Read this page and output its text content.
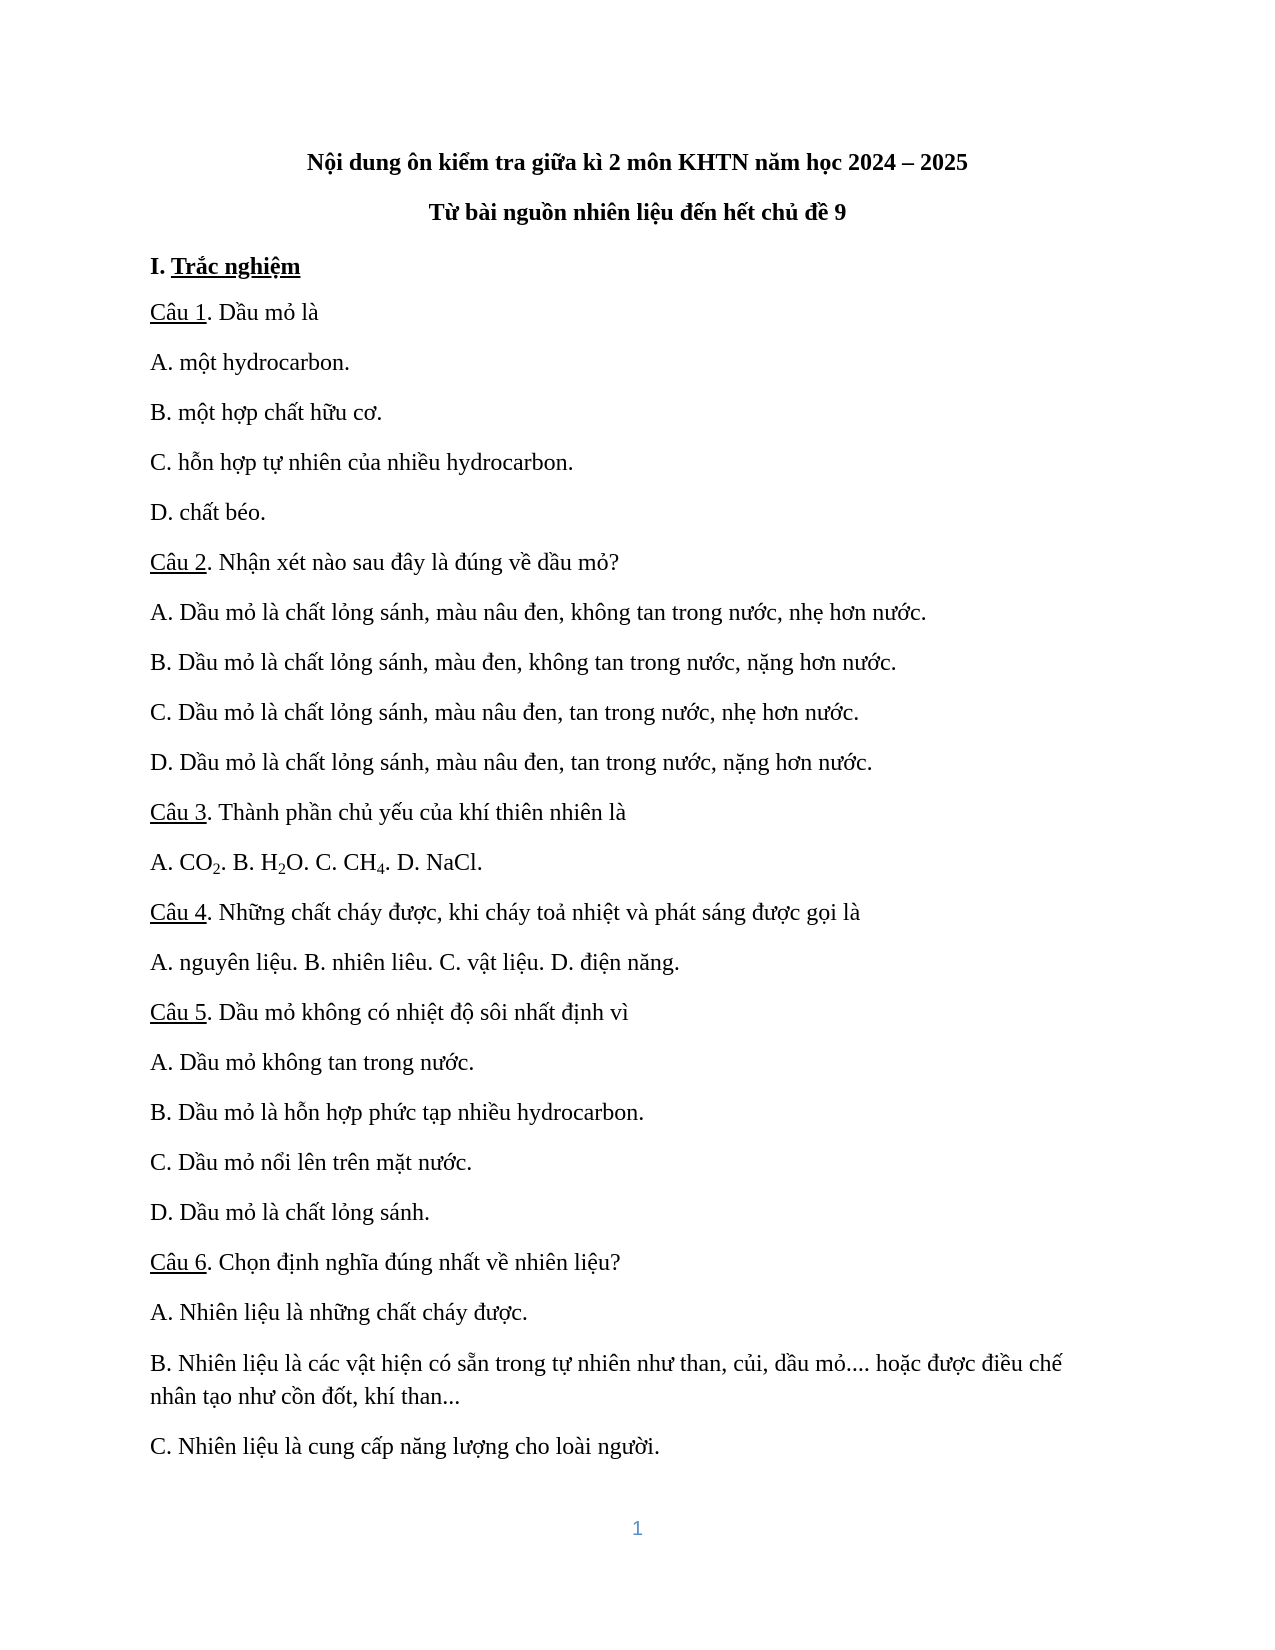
Nội dung ôn kiểm tra giữa kì 2 môn KHTN năm học 2024 – 2025
Từ bài nguồn nhiên liệu đến hết chủ đề 9
I. Trắc nghiệm
Câu 1. Dầu mỏ là
A. một hydrocarbon.
B. một hợp chất hữu cơ.
C. hỗn hợp tự nhiên của nhiều hydrocarbon.
D. chất béo.
Câu 2. Nhận xét nào sau đây là đúng về dầu mỏ?
A. Dầu mỏ là chất lỏng sánh, màu nâu đen, không tan trong nước, nhẹ hơn nước.
B. Dầu mỏ là chất lỏng sánh, màu đen, không tan trong nước, nặng hơn nước.
C. Dầu mỏ là chất lỏng sánh, màu nâu đen, tan trong nước, nhẹ hơn nước.
D. Dầu mỏ là chất lỏng sánh, màu nâu đen, tan trong nước, nặng hơn nước.
Câu 3. Thành phần chủ yếu của khí thiên nhiên là
A. $CO_2$. B. $H_2O$. C. $CH_4$. D. NaCl.
Câu 4. Những chất cháy được, khi cháy toả nhiệt và phát sáng được gọi là
A. nguyên liệu. B. nhiên liêu. C. vật liệu. D. điện năng.
Câu 5. Dầu mỏ không có nhiệt độ sôi nhất định vì
A. Dầu mỏ không tan trong nước.
B. Dầu mỏ là hỗn hợp phức tạp nhiều hydrocarbon.
C. Dầu mỏ nổi lên trên mặt nước.
D. Dầu mỏ là chất lỏng sánh.
Câu 6. Chọn định nghĩa đúng nhất về nhiên liệu?
A. Nhiên liệu là những chất cháy được.
B. Nhiên liệu là các vật hiện có sẵn trong tự nhiên như than, củi, dầu mỏ.... hoặc được điều chế nhân tạo như cồn đốt, khí than...
C. Nhiên liệu là cung cấp năng lượng cho loài người.
1
